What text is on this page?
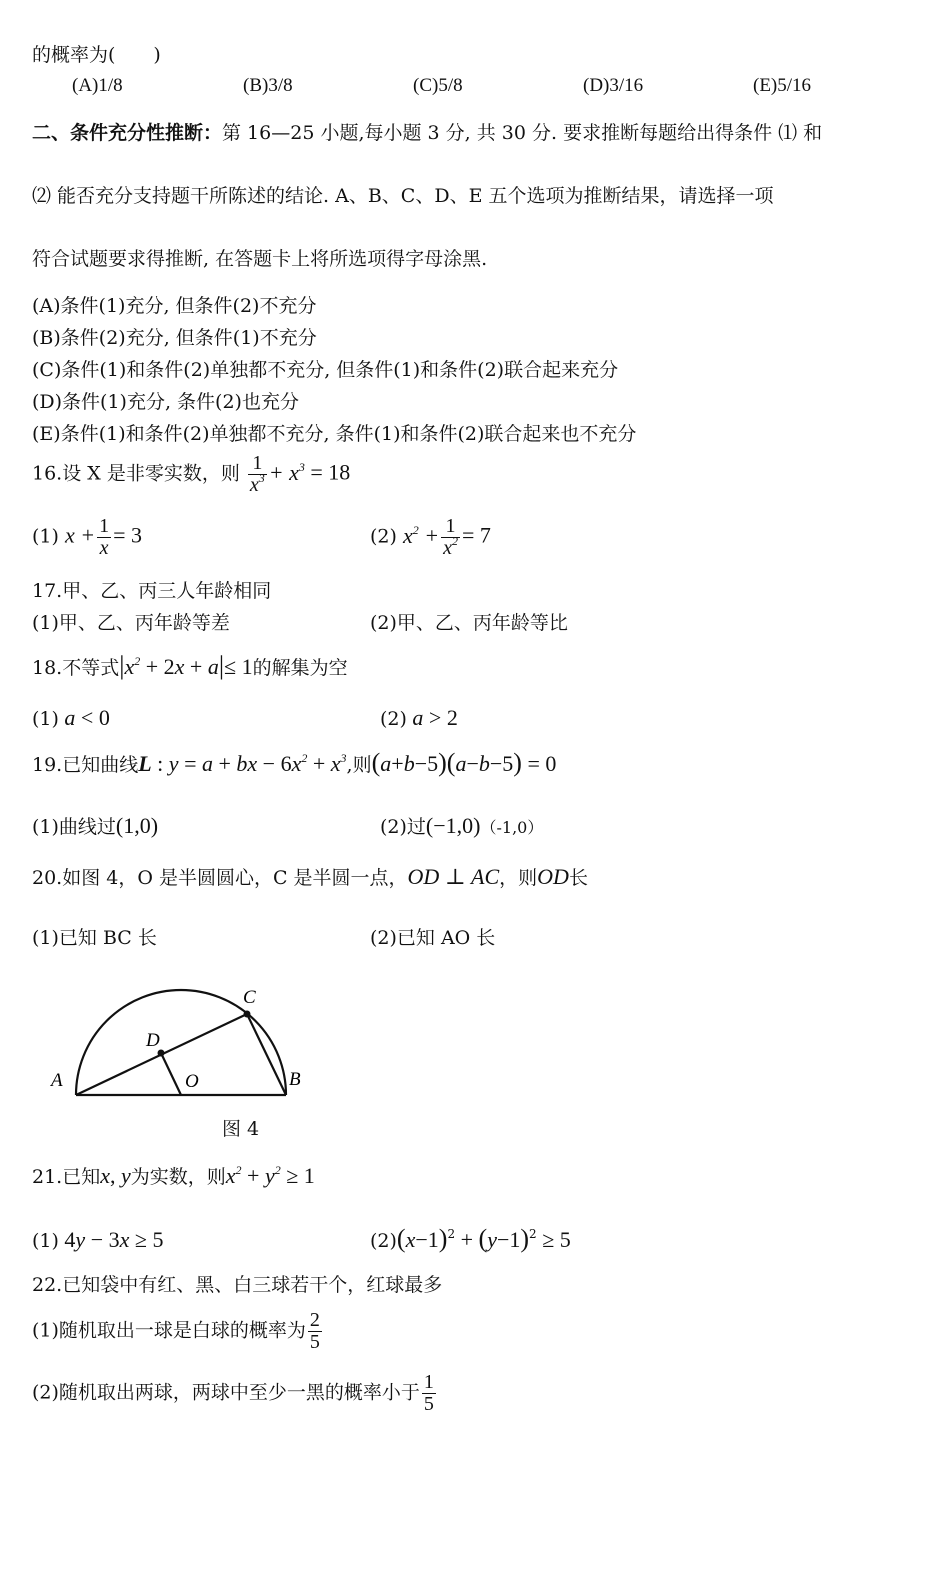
的概率为(　　)
(A)1/8	(B)3/8	(C)5/8	(D)3/16	(E)5/16
二、条件充分性推断：第 16—25 小题,每小题 3 分, 共 30 分. 要求推断每题给出得条件 ⑴ 和
⑵ 能否充分支持题干所陈述的结论. A、B、C、D、E 五个选项为推断结果，请选择一项
符合试题要求得推断, 在答题卡上将所选项得字母涂黑.
(A)条件(1)充分, 但条件(2)不充分
(B)条件(2)充分, 但条件(1)不充分
(C)条件(1)和条件(2)单独都不充分, 但条件(1)和条件(2)联合起来充分
(D)条件(1)充分, 条件(2)也充分
(E)条件(1)和条件(2)单独都不充分, 条件(1)和条件(2)联合起来也不充分
16.设 X 是非零实数，则 $\frac{1}{x^3} + x^3 = 18$
(1) $x + \frac{1}{x} = 3$	(2) $x^2 + \frac{1}{x^2} = 7$
17.甲、乙、丙三人年龄相同
(1)甲、乙、丙年龄等差	(2)甲、乙、丙年龄等比
18.不等式$|x^2 + 2x + a|\le 1$的解集为空
(1) a < 0	(2) a > 2
19.已知曲线L : y = a + bx − $6x^2 + x^3$,则(a+b−5)(a−b−5) = 0
(1)曲线过(1,0)	(2)过(−1,0)（-1,0）
20.如图 4，O 是半圆圆心，C 是半圆一点，OD ⊥ AC，则OD长
(1)已知 BC 长	(2)已知 AO 长
A	B
C
D
O
图 4
21.已知x, y为实数，则$x^2 + y^2 \ge 1$
(1) 4y − 3x ≥ 5	$(2)(x-1)^2 + (y-1)^2 \ge 5$
22.已知袋中有红、黑、白三球若干个，红球最多
(1)随机取出一球是白球的概率为 $\frac{2}{5}$
(2)随机取出两球，两球中至少一黑的概率小于 $\frac{1}{5}$
